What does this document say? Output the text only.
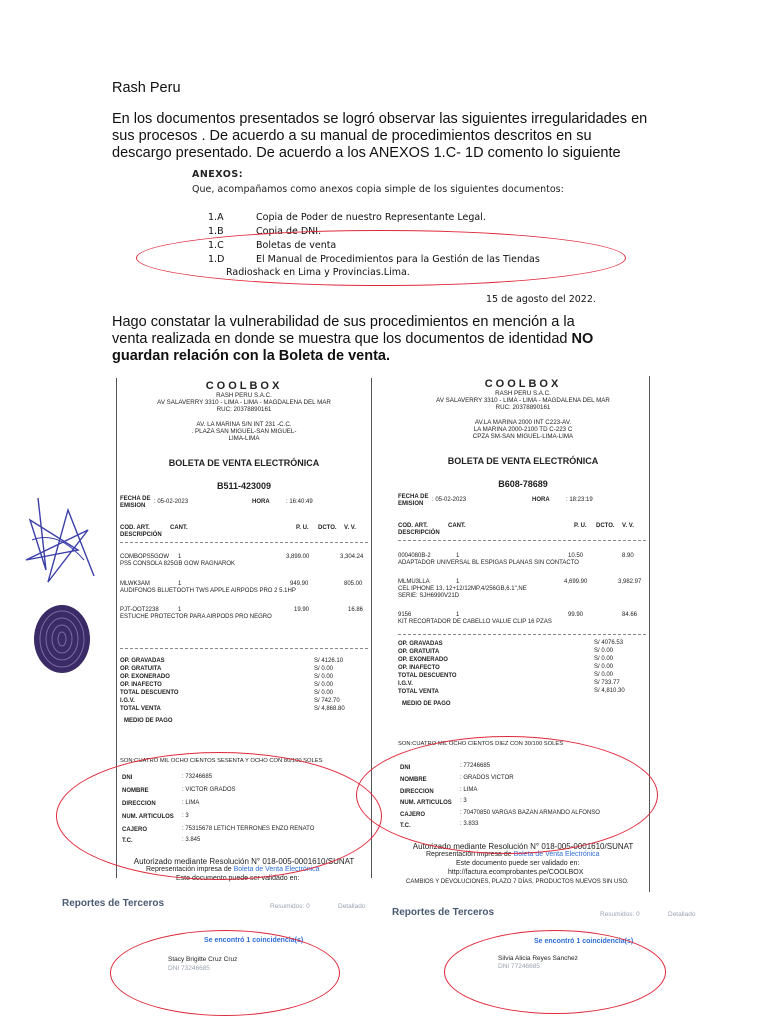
Rash Peru
En los documentos presentados se logró observar las siguientes irregularidades en sus procesos . De acuerdo a su manual de procedimientos descritos en su descargo presentado. De acuerdo a los ANEXOS 1.C- 1D comento lo siguiente
ANEXOS:
Que, acompañamos como anexos copia simple de los siguientes documentos:
1.A	Copia de Poder de nuestro Representante Legal.
1.B	Copia de DNI.
1.C	Boletas de venta
1.D	El Manual de Procedimientos para la Gestión de las Tiendas
Radioshack en Lima y Provincias.Lima.
15 de agosto del 2022.
Hago constatar la vulnerabilidad de sus procedimientos en mención a la venta realizada en donde se muestra que los documentos de identidad NO guardan relación con la Boleta de venta.
COOLBOX
RASH PERU S.A.C.
AV SALAVERRY 3310 - LIMA - LIMA - MAGDALENA DEL MAR
RUC: 20378890161
AV. LA MARINA S/N INT 231 -C.C.
. PLAZA SAN MIGUEL-SAN MIGUEL-
LIMA-LIMA
BOLETA DE VENTA ELECTRÓNICA
B511-423009
FECHA DE
EMISION
: 05-02-2023	HORA	: 16:40:49
COD. ART.
DESCRIPCIÓN
CANT.	P. U. DCTO. V. V.
COMBOPS5GOW 1	3,899.00	3,304.24
PS5 CONSOLA 825GB GOW RAGNAROK
MLWK3AM	1	949.90	805.00
AUDIFONOS BLUETOOTH TWS APPLE AIRPODS PRO 2 5.1HP
PJT-OOT2238	1	19.90	16.86
ESTUCHE PROTECTOR PARA AIRPODS PRO NEGRO
OP. GRAVADAS	S/ 4126.10
OP. GRATUITA	S/ 0.00
OP. EXONERADO	S/ 0.00
OP. INAFECTO	S/ 0.00
TOTAL DESCUENTO	S/ 0.00
I.G.V.	S/ 742.70
TOTAL VENTA	S/ 4,868.80
MEDIO DE PAGO
SON:CUATRO MIL OCHO CIENTOS SESENTA Y OCHO CON 80/100 SOLES
DNI	: 73246685
NOMBRE	: VICTOR GRADOS
DIRECCION	: LIMA
NUM. ARTICULOS : 3
CAJERO	: 75315678 LETICH TERRONES ENZO RENATO
T.C.	: 3.845
Autorizado mediante Resolución N° 018-005-0001610/SUNAT
Representación impresa de Boleta de Venta Electrónica
Este documento puede ser validado en:
COOLBOX
RASH PERU S.A.C.
AV SALAVERRY 3310 - LIMA - LIMA - MAGDALENA DEL MAR
RUC: 20378890161
AV.LA MARINA 2000 INT C223-AV.
LA MARINA 2000-2100 TD C-223 C
CPZA SM-SAN MIGUEL-LIMA-LIMA
BOLETA DE VENTA ELECTRÓNICA
B608-78689
FECHA DE
EMISION
: 05-02-2023	HORA	: 18:23:19
COD. ART.
DESCRIPCIÓN
CANT.	P. U. DCTO. V. V.
0004080B-2	1	10.50	8.90
ADAPTADOR UNIVERSAL BL ESPIGAS PLANAS SIN CONTACTO
MLMU3LLA	1	4,699.90	3,982.97
CEL IPHONE 13, 12+12/12MP,4/256GB,6.1",NE
SERIE: SJH6990V21D
9156	1	99.90	84.66
KIT RECORTADOR DE CABELLO VALUE CLIP 16 PZAS
OP. GRAVADAS	S/ 4076.53
OP. GRATUITA	S/ 0.00
OP. EXONERADO	S/ 0.00
OP. INAFECTO	S/ 0.00
TOTAL DESCUENTO	S/ 0.00
I.G.V.	S/ 733.77
TOTAL VENTA	S/ 4,810.30
MEDIO DE PAGO
SON:CUATRO MIL OCHO CIENTOS DIEZ CON 30/100 SOLES
DNI	: 77246685
NOMBRE	: GRADOS VICTOR
DIRECCION	: LIMA
NUM. ARTICULOS : 3
CAJERO	: 70470850 VARGAS BAZAN ARMANDO ALFONSO
T.C.	: 3.833
Autorizado mediante Resolución N° 018-005-0001610/SUNAT
Representación impresa de Boleta de Venta Electrónica
Este documento puede ser validado en:
http://factura.ecomprobantes.pe/COOLBOX
CAMBIOS Y DEVOLUCIONES, PLAZO 7 DÍAS, PRODUCTOS NUEVOS SIN USO.
Reportes de Terceros	Resumidos: 0	Detallado
Se encontró 1 coincidencia(s)
Stacy Brigitte Cruz Cruz
DNI 73246685
Reportes de Terceros	Resumidos: 0	Detallado
Se encontró 1 coincidencia(s)
Silvia Alicia Reyes Sanchez
DNI 77246685
